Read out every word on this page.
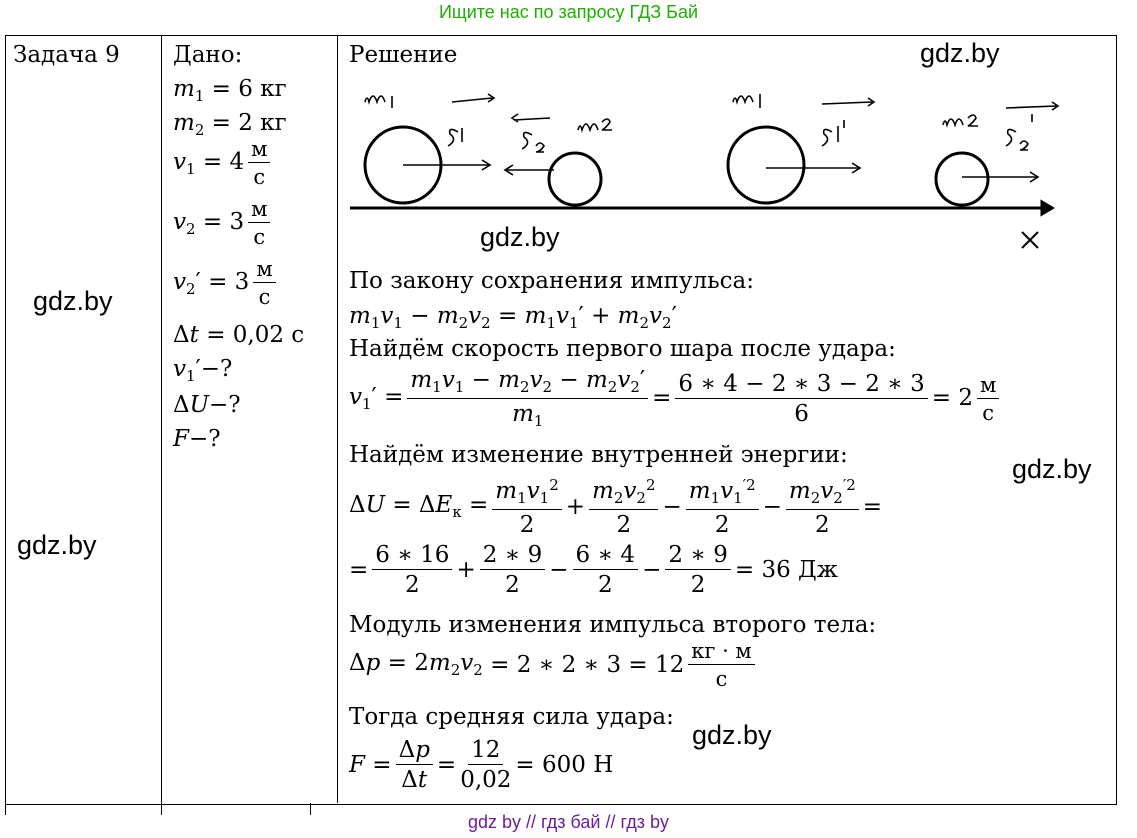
Ищите нас по запросу ГДЗ Бай
Задача 9 Дано:
$m_1 = 6$ кг
$m_2 = 2$ кг
$v_1 = 4 \frac{м}{с}$
$v_2 = 3 \frac{м}{с}$
$v_2' = 3 \frac{м}{с}$
Δt = 0,02 с
$v_1'-$?
ΔU−?
F−?
Решение
По закону сохранения импульса:
$m_1v_1 - m_2v_2 = m_1v_1' + m_2v_2'$
Найдём скорость первого шара после удара:
$v_1' = \frac{m_1v_1 - m_2v_2 - m_2v_2'}{m_1} = \frac{6 ∗ 4 - 2 ∗ 3 - 2 ∗ 3}{6} = 2 \frac{м}{с}$
Найдём изменение внутренней энергии:
$\Delta U = \Delta E_к = \frac{m_1v_1^2}{2} + \frac{m_2v_2^2}{2} - \frac{m_1v_1^{'2}}{2} - \frac{m_2v_2^{'2}}{2}$ =
= $\frac{6 ∗ 16}{2} + \frac{2 ∗ 9}{2} - \frac{6 ∗ 4}{2} - \frac{2 ∗ 9}{2} = 36$ Дж
Модуль изменения импульса второго тела:
$\Delta p = 2m_2v_2 = 2$ ∗ 2 ∗ $3 = 12 \frac{кг \cdot м}{с}$
Тогда средняя сила удара:
$F = \frac{\Delta p}{\Delta t} = \frac{12}{0,02} = 600$ Н
gdz.by
gdz.by
gdz.by
gdz.by
gdz.by
gdz.by
gdz by // гдз бай // гдз by
